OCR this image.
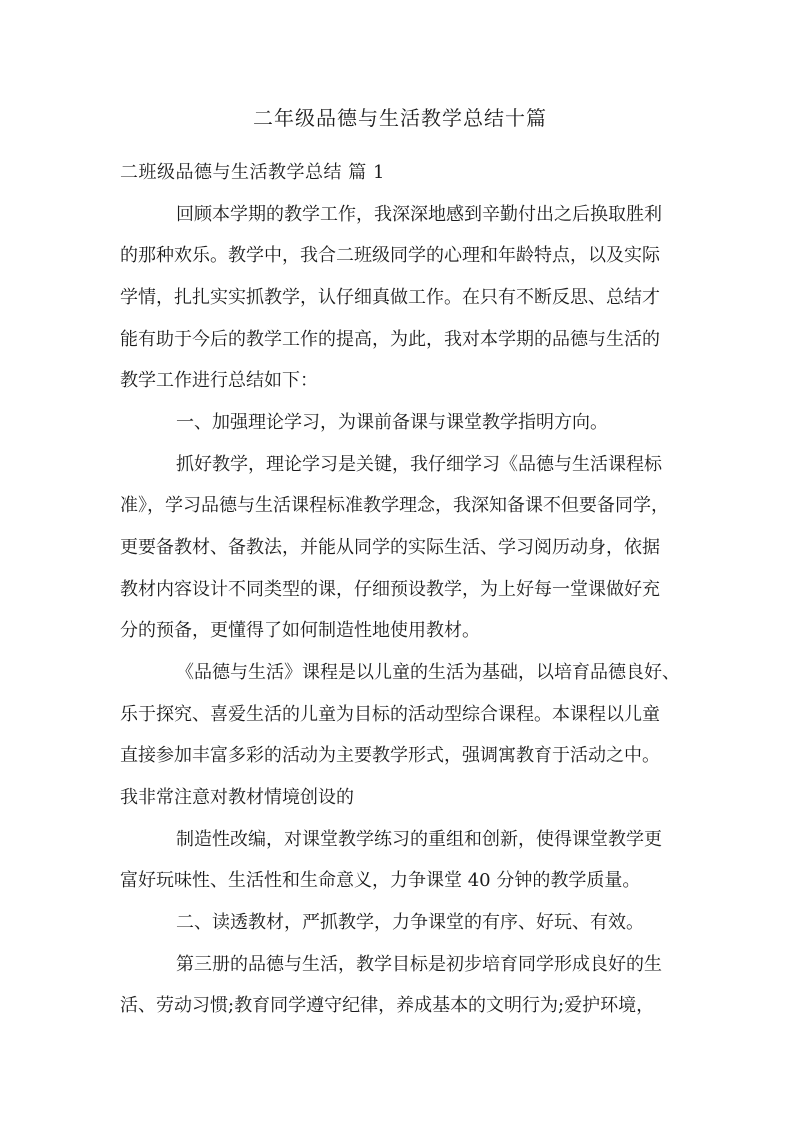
二年级品德与生活教学总结十篇
二班级品德与生活教学总结 篇 1
回顾本学期的教学工作，我深深地感到辛勤付出之后换取胜利
的那种欢乐。教学中，我合二班级同学的心理和年龄特点，以及实际
学情，扎扎实实抓教学，认仔细真做工作。在只有不断反思、总结才
能有助于今后的教学工作的提高，为此，我对本学期的品德与生活的
教学工作进行总结如下：
一、加强理论学习，为课前备课与课堂教学指明方向。
抓好教学，理论学习是关键，我仔细学习《品德与生活课程标
准》，学习品德与生活课程标准教学理念，我深知备课不但要备同学，
更要备教材、备教法，并能从同学的实际生活、学习阅历动身，依据
教材内容设计不同类型的课，仔细预设教学，为上好每一堂课做好充
分的预备，更懂得了如何制造性地使用教材。
《品德与生活》课程是以儿童的生活为基础，以培育品德良好、
乐于探究、喜爱生活的儿童为目标的活动型综合课程。本课程以儿童
直接参加丰富多彩的活动为主要教学形式，强调寓教育于活动之中。
我非常注意对教材情境创设的
制造性改编，对课堂教学练习的重组和创新，使得课堂教学更
富好玩味性、生活性和生命意义，力争课堂 40 分钟的教学质量。
二、读透教材，严抓教学，力争课堂的有序、好玩、有效。
第三册的品德与生活，教学目标是初步培育同学形成良好的生
活、劳动习惯;教育同学遵守纪律，养成基本的文明行为;爱护环境，
